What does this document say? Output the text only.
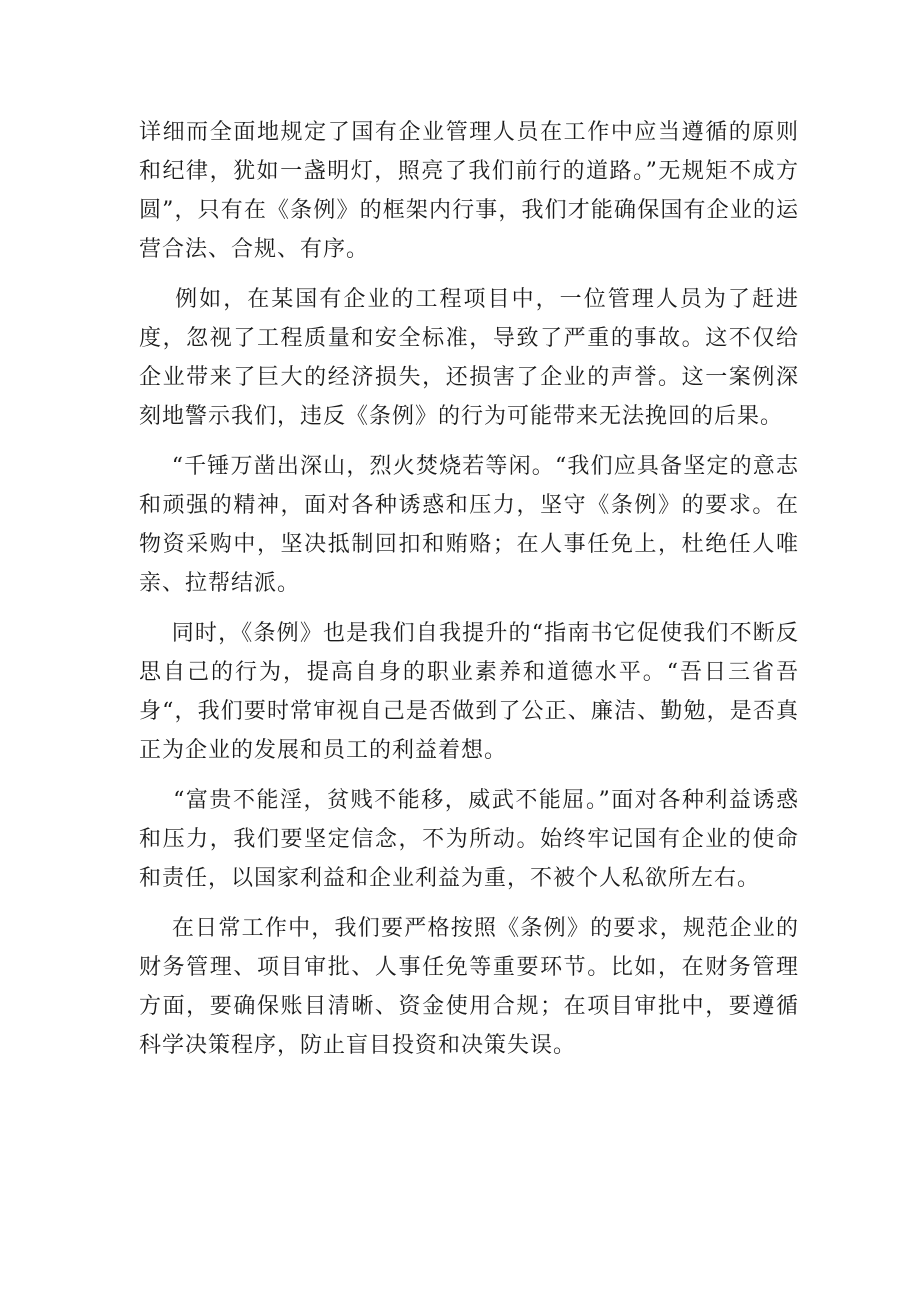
详细而全面地规定了国有企业管理人员在工作中应当遵循的原则和纪律，犹如一盏明灯，照亮了我们前行的道路。”无规矩不成方圆”，只有在《条例》的框架内行事，我们才能确保国有企业的运营合法、合规、有序。

例如，在某国有企业的工程项目中，一位管理人员为了赶进度，忽视了工程质量和安全标准，导致了严重的事故。这不仅给企业带来了巨大的经济损失，还损害了企业的声誉。这一案例深刻地警示我们，违反《条例》的行为可能带来无法挽回的后果。

“千锤万凿出深山，烈火焚烧若等闲。“我们应具备坚定的意志和顽强的精神，面对各种诱惑和压力，坚守《条例》的要求。在物资采购中，坚决抵制回扣和贿赂；在人事任免上，杜绝任人唯亲、拉帮结派。

同时，《条例》也是我们自我提升的“指南书它促使我们不断反思自己的行为，提高自身的职业素养和道德水平。“吾日三省吾身“，我们要时常审视自己是否做到了公正、廉洁、勤勉，是否真正为企业的发展和员工的利益着想。

“富贵不能淫，贫贱不能移，威武不能屈。”面对各种利益诱惑和压力，我们要坚定信念，不为所动。始终牢记国有企业的使命和责任，以国家利益和企业利益为重，不被个人私欲所左右。

在日常工作中，我们要严格按照《条例》的要求，规范企业的财务管理、项目审批、人事任免等重要环节。比如，在财务管理方面，要确保账目清晰、资金使用合规；在项目审批中，要遵循科学决策程序，防止盲目投资和决策失误。
